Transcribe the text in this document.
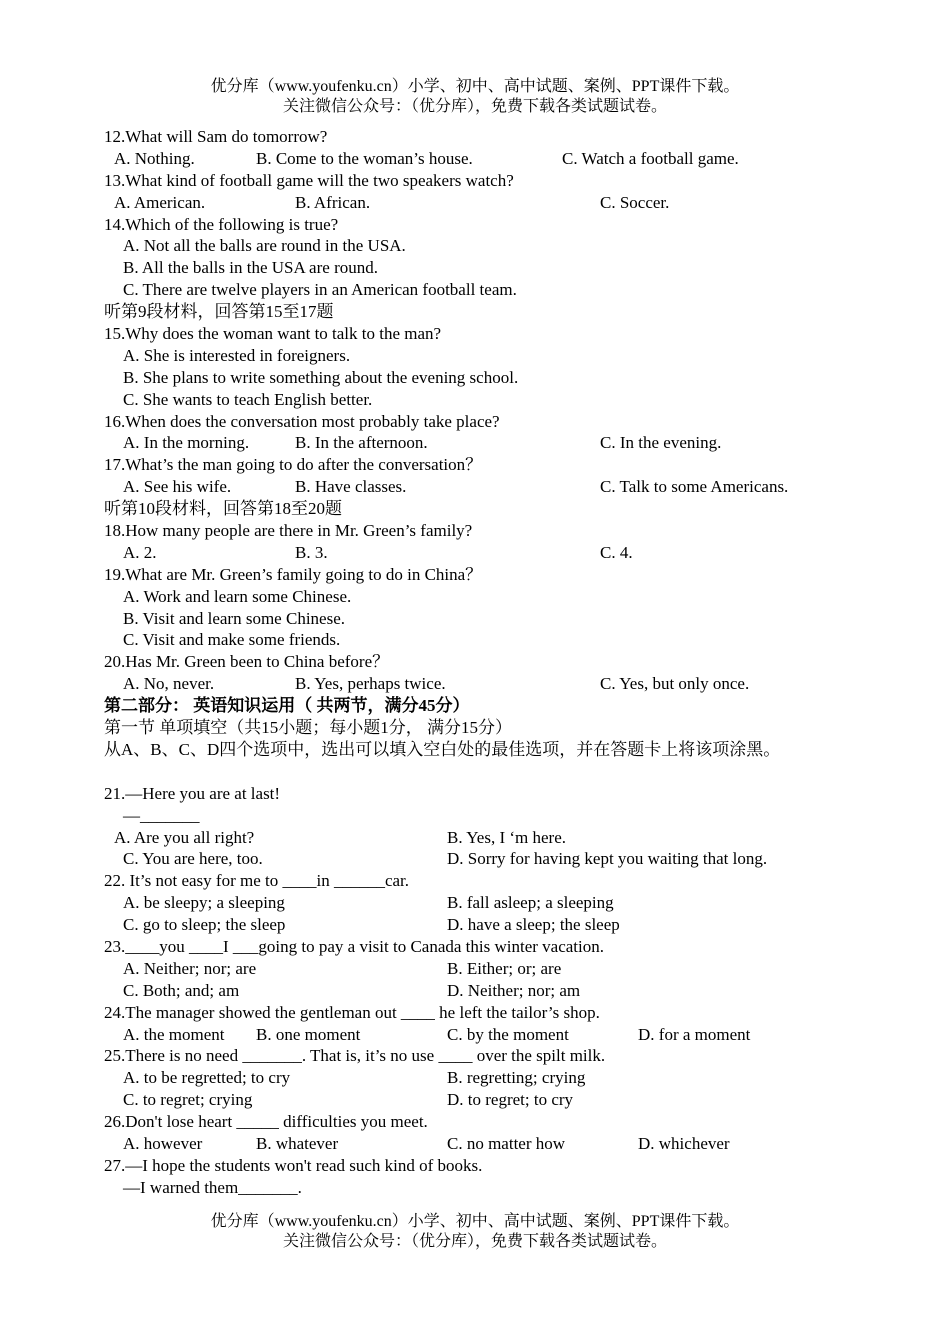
优分库（www.youfenku.cn）小学、初中、高中试题、案例、PPT课件下载。
关注微信公众号：（优分库），免费下载各类试题试卷。
12.What will Sam do tomorrow?
A. Nothing.	B. Come to the woman’s house.	C. Watch a football game.
13.What kind of football game will the two speakers watch?
A. American.	B. African.	C. Soccer.
14.Which of the following is true?
A. Not all the balls are round in the USA.
B. All the balls in the USA are round.
C. There are twelve players in an American football team.
听第9段材料，回答第15至17题
15.Why does the woman want to talk to the man?
A. She is interested in foreigners.
B. She plans to write something about the evening school.
C. She wants to teach English better.
16.When does the conversation most probably take place?
A. In the morning.	B. In the afternoon.	C. In the evening.
17.What’s the man going to do after the conversation？
A. See his wife.	B. Have classes.	C. Talk to some Americans.
听第10段材料，回答第18至20题
18.How many people are there in Mr. Green’s family?
A. 2.	B. 3.	C. 4.
19.What are Mr. Green’s family going to do in China？
A. Work and learn some Chinese.
B. Visit and learn some Chinese.
C. Visit and make some friends.
20.Has Mr. Green been to China before？
A. No, never.	B. Yes, perhaps twice.	C. Yes, but only once.
第二部分： 英语知识运用（ 共两节，满分45分）
第一节 单项填空（共15小题；每小题1分， 满分15分）
从A、B、C、D四个选项中，选出可以填入空白处的最佳选项，并在答题卡上将该项涂黑。
21.—Here you are at last!
—_______
A. Are you all right?	B. Yes, I ‘m here.
C. You are here, too.	D. Sorry for having kept you waiting that long.
22. It’s not easy for me to ____in ______car.
A. be sleepy; a sleeping	B. fall asleep; a sleeping
C. go to sleep; the sleep	D. have a sleep; the sleep
23.____you ____I ___going to pay a visit to Canada this winter vacation.
A. Neither; nor; are	B. Either; or; are
C. Both; and; am	D. Neither; nor; am
24.The manager showed the gentleman out ____ he left the tailor’s shop.
A. the moment B. one moment	C. by the moment	D. for a moment
25.There is no need _______. That is, it’s no use ____ over the spilt milk.
A. to be regretted; to cry	B. regretting; crying
C. to regret; crying	D. to regret; to cry
26.Don't lose heart _____ difficulties you meet.
A. however	B. whatever	C. no matter how	D. whichever
27.—I hope the students won't read such kind of books.
—I warned them_______.
优分库（www.youfenku.cn）小学、初中、高中试题、案例、PPT课件下载。
关注微信公众号：（优分库），免费下载各类试题试卷。
